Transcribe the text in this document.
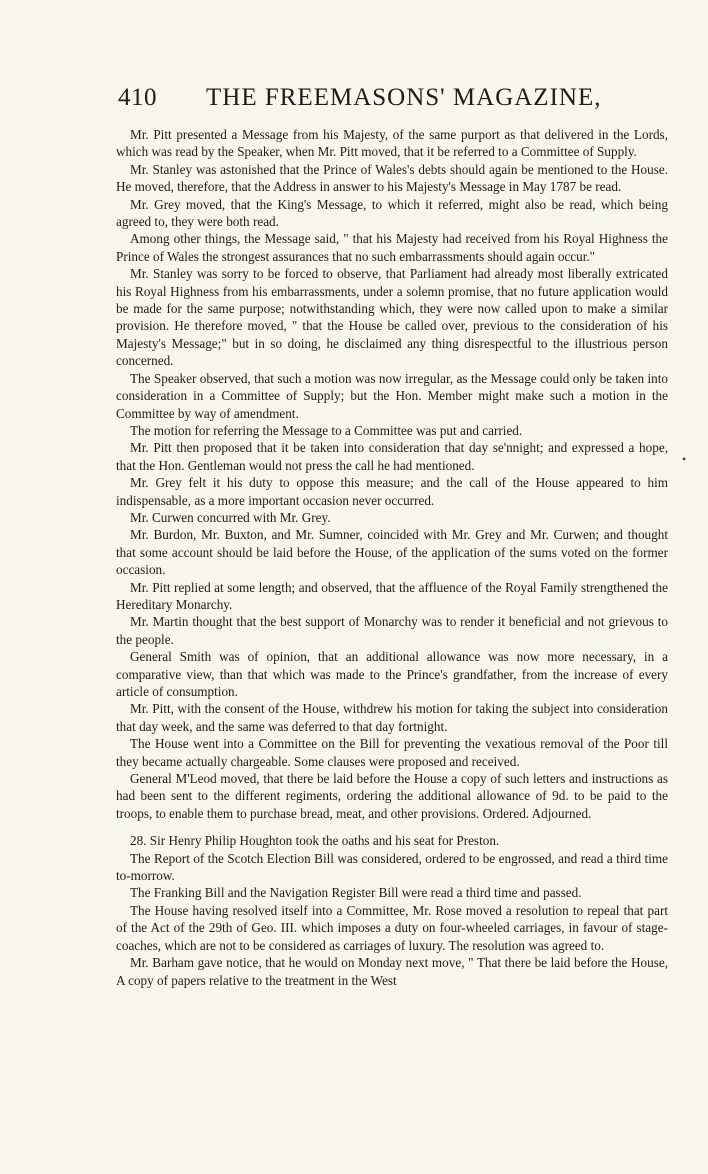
410 THE FREEMASONS' MAGAZINE,

Mr. Pitt presented a Message from his Majesty, of the same purport as that delivered in the Lords, which was read by the Speaker, when Mr. Pitt moved, that it be referred to a Committee of Supply.

Mr. Stanley was astonished that the Prince of Wales's debts should again be mentioned to the House. He moved, therefore, that the Address in answer to his Majesty's Message in May 1787 be read.

Mr. Grey moved, that the King's Message, to which it referred, might also be read, which being agreed to, they were both read.

Among other things, the Message said, " that his Majesty had received from his Royal Highness the Prince of Wales the strongest assurances that no such embarrassments should again occur."

Mr. Stanley was sorry to be forced to observe, that Parliament had already most liberally extricated his Royal Highness from his embarrassments, under a solemn promise, that no future application would be made for the same purpose; notwithstanding which, they were now called upon to make a similar provision. He therefore moved, " that the House be called over, previous to the consideration of his Majesty's Message;" but in so doing, he disclaimed any thing disrespectful to the illustrious person concerned.

The Speaker observed, that such a motion was now irregular, as the Message could only be taken into consideration in a Committee of Supply; but the Hon. Member might make such a motion in the Committee by way of amendment.

The motion for referring the Message to a Committee was put and carried.

Mr. Pitt then proposed that it be taken into consideration that day se'nnight; and expressed a hope, that the Hon. Gentleman would not press the call he had mentioned.

Mr. Grey felt it his duty to oppose this measure; and the call of the House appeared to him indispensable, as a more important occasion never occurred.

Mr. Curwen concurred with Mr. Grey.

Mr. Burdon, Mr. Buxton, and Mr. Sumner, coincided with Mr. Grey and Mr. Curwen; and thought that some account should be laid before the House, of the application of the sums voted on the former occasion.

Mr. Pitt replied at some length; and observed, that the affluence of the Royal Family strengthened the Hereditary Monarchy.

Mr. Martin thought that the best support of Monarchy was to render it beneficial and not grievous to the people.

General Smith was of opinion, that an additional allowance was now more necessary, in a comparative view, than that which was made to the Prince's grandfather, from the increase of every article of consumption.

Mr. Pitt, with the consent of the House, withdrew his motion for taking the subject into consideration that day week, and the same was deferred to that day fortnight.

The House went into a Committee on the Bill for preventing the vexatious removal of the Poor till they became actually chargeable. Some clauses were proposed and received.

General M'Leod moved, that there be laid before the House a copy of such letters and instructions as had been sent to the different regiments, ordering the additional allowance of 9d. to be paid to the troops, to enable them to purchase bread, meat, and other provisions. Ordered. Adjourned.

28. Sir Henry Philip Houghton took the oaths and his seat for Preston.

The Report of the Scotch Election Bill was considered, ordered to be engrossed, and read a third time to-morrow.

The Franking Bill and the Navigation Register Bill were read a third time and passed.

The House having resolved itself into a Committee, Mr. Rose moved a resolution to repeal that part of the Act of the 29th of Geo. III. which imposes a duty on four-wheeled carriages, in favour of stage-coaches, which are not to be considered as carriages of luxury. The resolution was agreed to.

Mr. Barham gave notice, that he would on Monday next move, " That there be laid before the House, A copy of papers relative to the treatment in the West

•
